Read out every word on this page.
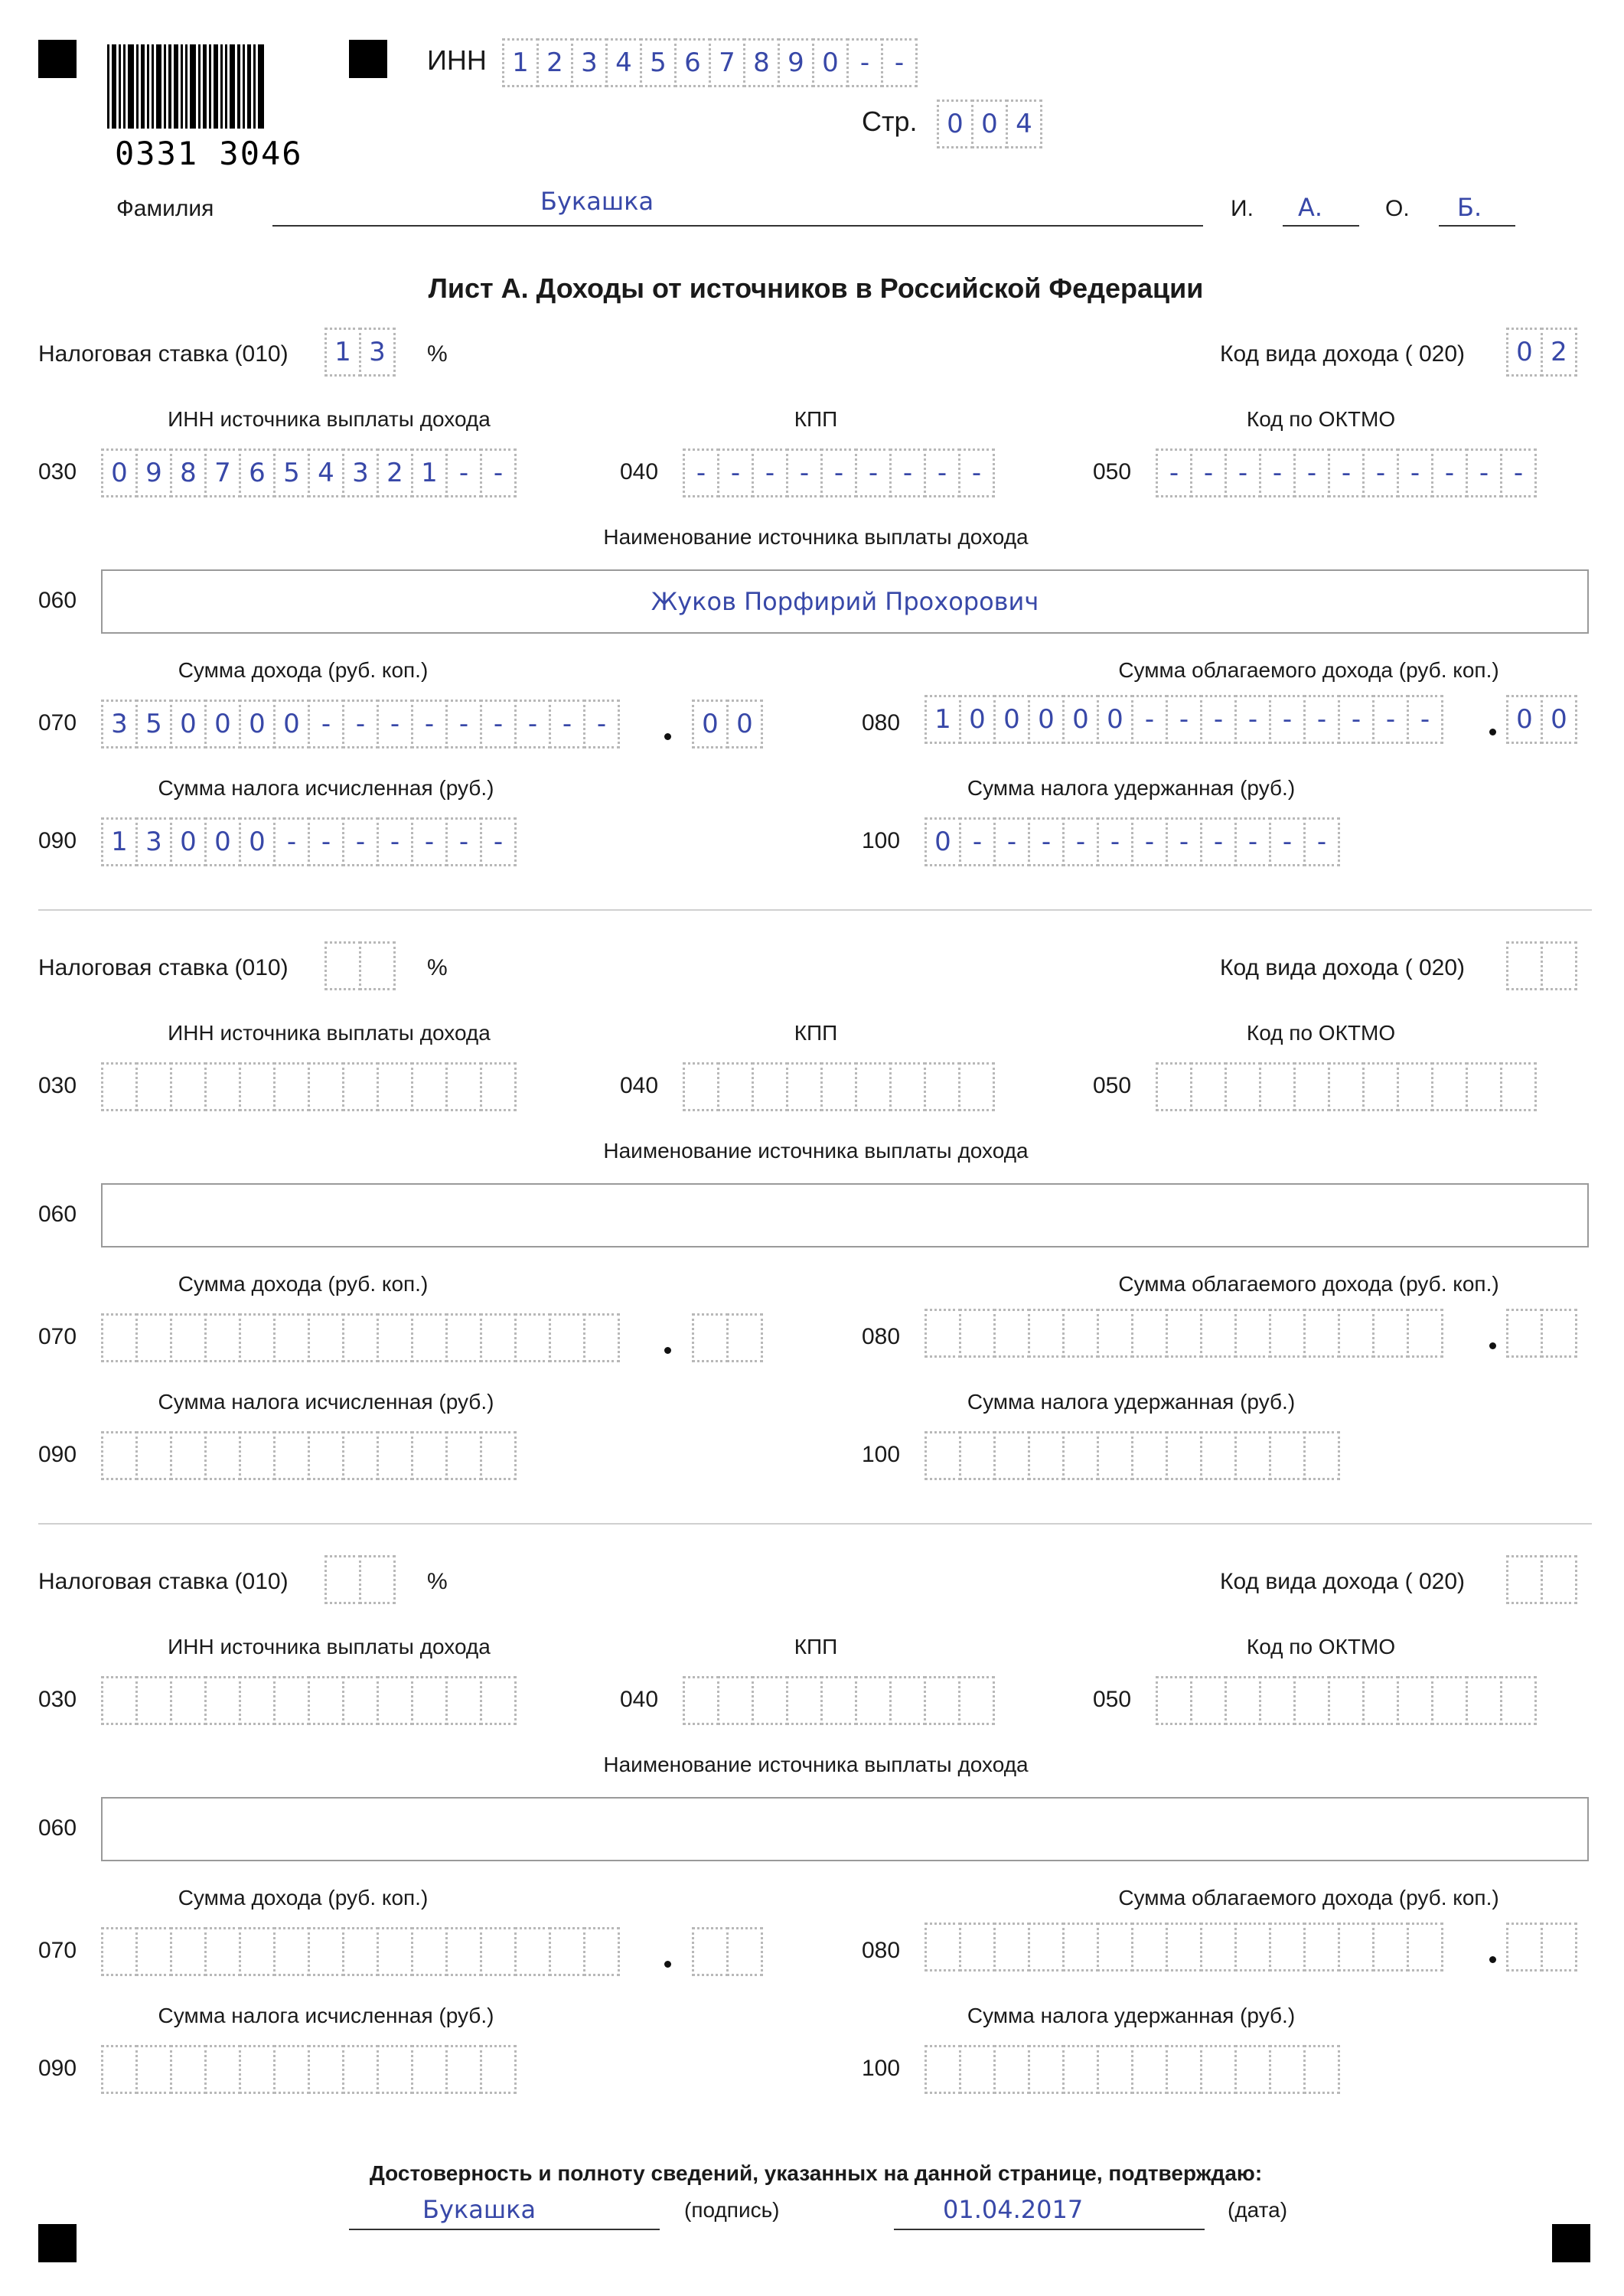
0331 3046
ИНН 1 2 3 4 5 6 7 8 9 0 - -
Стр.	0 0 4
Фамилия	Букашка	И. А.	О. Б.
Лист А. Доходы от источников в Российской Федерации
Налоговая ставка (010)	1 3	%	Код вида дохода ( 020)	0 2
ИНН источника выплаты дохода	КПП	Код по ОКТМО
030	0 9 8 7 6 5 4 3 2 1 - -	040	- - - - - - - - -	050	- - - - - - - - - - -
Наименование источника выплаты дохода
060	Жуков Порфирий Прохорович
Сумма дохода (руб. коп.)	Сумма облагаемого дохода (руб. коп.)
070	3 5 0 0 0 0 - - - - - - - - -	0 0	080	1 0 0 0 0 0 - - - - - - - - -	0 0
Сумма налога исчисленная (руб.)	Сумма налога удержанная (руб.)
090	1 3 0 0 0 - - - - - - -	100	0 - - - - - - - - - - -
Налоговая ставка (010)	%	Код вида дохода ( 020)
ИНН источника выплаты дохода	КПП	Код по ОКТМО
030	040	050
Наименование источника выплаты дохода
060
Сумма дохода (руб. коп.)	Сумма облагаемого дохода (руб. коп.)
070	080
Сумма налога исчисленная (руб.)	Сумма налога удержанная (руб.)
090	100
Налоговая ставка (010)	%	Код вида дохода ( 020)
ИНН источника выплаты дохода	КПП	Код по ОКТМО
030	040	050
Наименование источника выплаты дохода
060
Сумма дохода (руб. коп.)	Сумма облагаемого дохода (руб. коп.)
070	080
Сумма налога исчисленная (руб.)	Сумма налога удержанная (руб.)
090	100
Достоверность и полноту сведений, указанных на данной странице, подтверждаю:
Букашка	(подпись)	01.04.2017	(дата)
